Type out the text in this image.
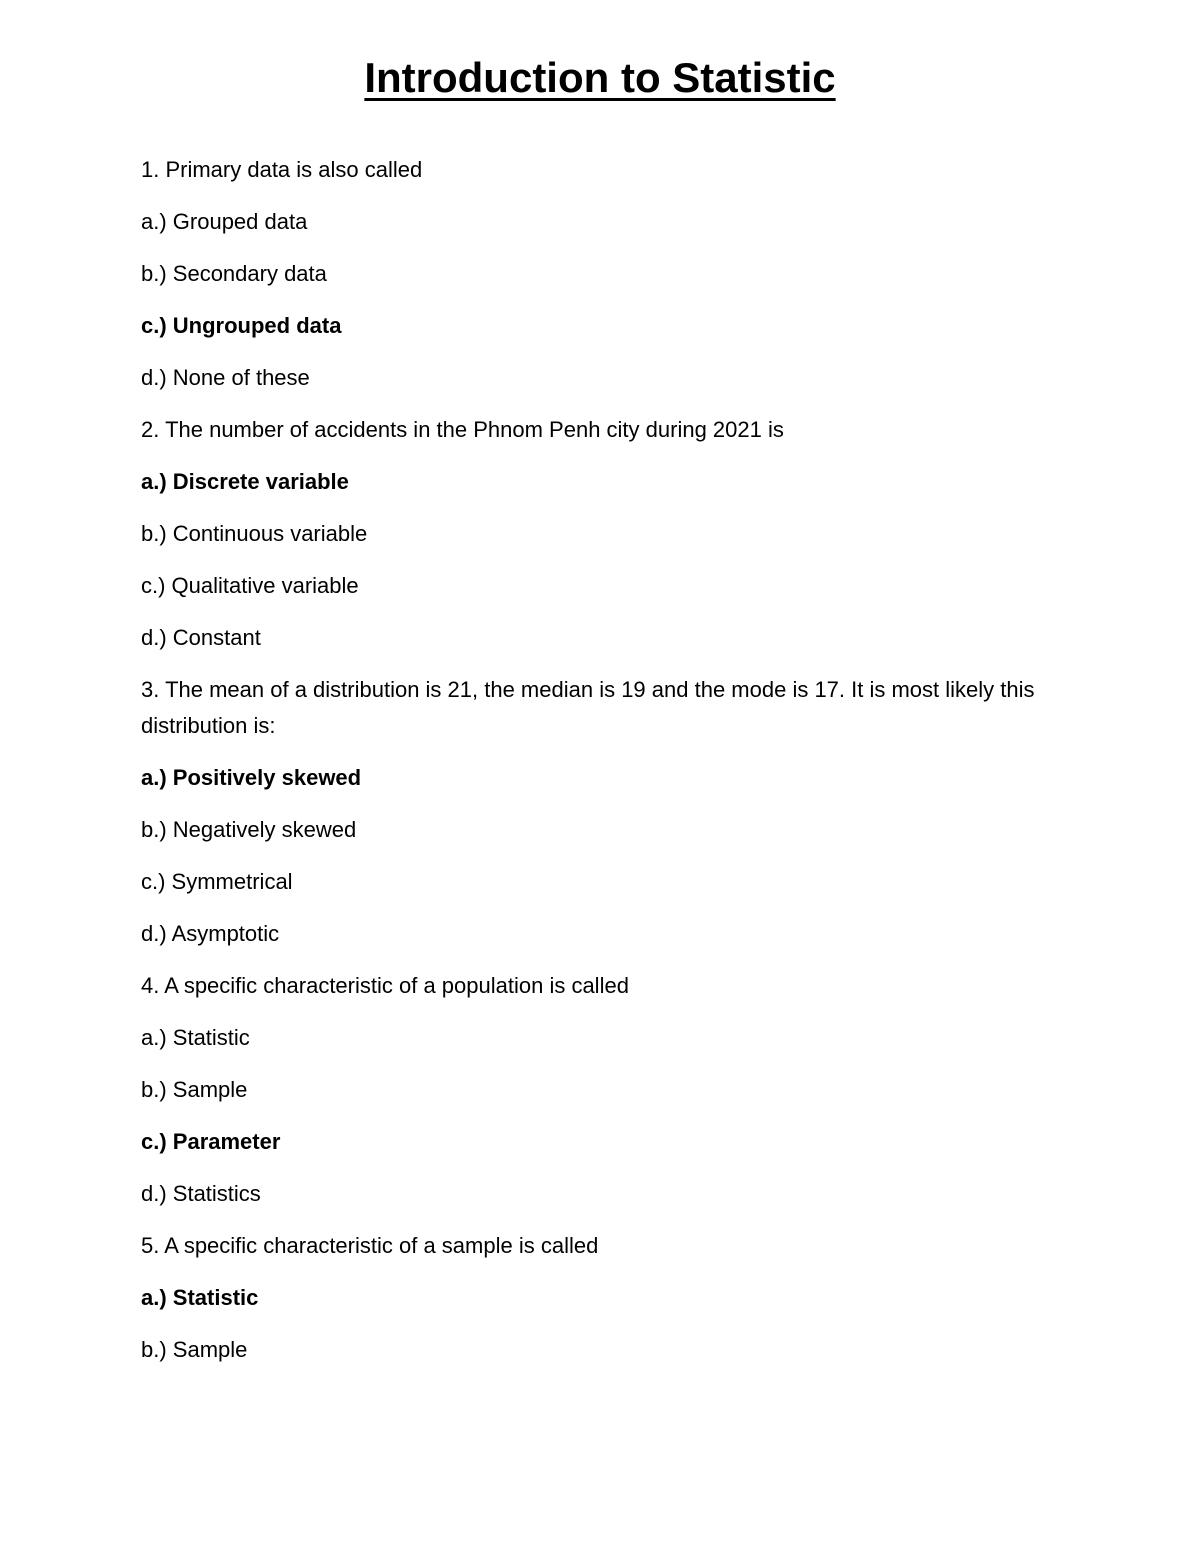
Introduction to Statistic
1. Primary data is also called
a.) Grouped data
b.) Secondary data
c.) Ungrouped data
d.) None of these
2. The number of accidents in the Phnom Penh city during 2021 is
a.) Discrete variable
b.) Continuous variable
c.) Qualitative variable
d.) Constant
3. The mean of a distribution is 21, the median is 19 and the mode is 17. It is most likely this distribution is:
a.) Positively skewed
b.) Negatively skewed
c.) Symmetrical
d.) Asymptotic
4. A specific characteristic of a population is called
a.) Statistic
b.) Sample
c.) Parameter
d.) Statistics
5. A specific characteristic of a sample is called
a.) Statistic
b.) Sample
